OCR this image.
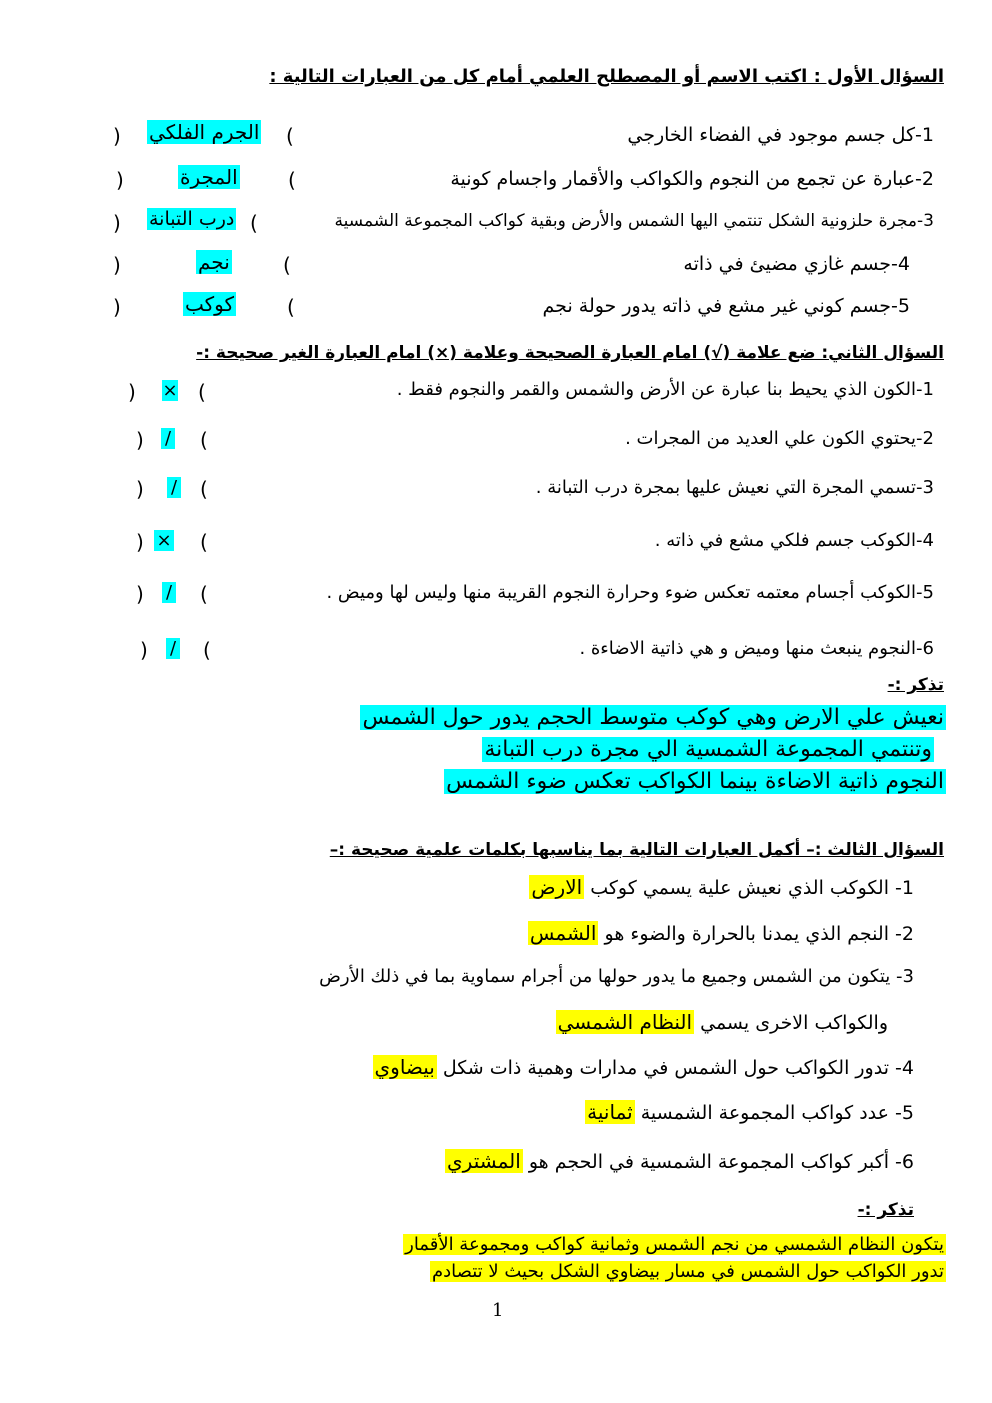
السؤال الأول : اكتب الاسم أو المصطلح العلمي أمام كل من العبارات التالية :
1-كل جسم موجود في الفضاء الخارجي
(
الجرم الفلكي
)
2-عبارة عن تجمع من النجوم والكواكب والأقمار واجسام كونية
(
المجرة
)
3-مجرة حلزونية الشكل تنتمي اليها الشمس والأرض وبقية كواكب المجموعة الشمسية
(
درب التبانة
)
4-جسم غازي مضيئ في ذاته
(
نجم
)
5-جسم كوني غير مشع في ذاته يدور حولة نجم
(
كوكب
)
السؤال الثاني: ضع علامة (√) امام العبارة الصحيحة وعلامة (×) امام العبارة الغير صحيحة :-
1-الكون الذي يحيط بنا عبارة عن الأرض والشمس والقمر والنجوم فقط .
(
×
)
2-يحتوي الكون علي العديد من المجرات .
(
/
)
3-تسمي المجرة التي نعيش عليها بمجرة درب التبانة .
(
/
)
4-الكوكب جسم فلكي مشع في ذاته .
(
×
)
5-الكوكب أجسام معتمه تعكس ضوء وحرارة النجوم القريبة منها وليس لها وميض .
(
/
)
6-النجوم ينبعث منها وميض و هي ذاتية الاضاءة .
(
/
)
تذكر :-
نعيش علي الارض وهي كوكب متوسط الحجم يدور حول الشمس
وتنتمي المجموعة الشمسية الي مجرة درب التبانة
النجوم ذاتية الاضاءة بينما الكواكب تعكس ضوء الشمس
السؤال الثالث :– أكمل العبارات التالية بما يناسبها بكلمات علمية صحيحة :–
1- الكوكب الذي نعيش علية يسمي كوكب الارض
2- النجم الذي يمدنا بالحرارة والضوء هو الشمس
3- يتكون من الشمس وجميع ما يدور حولها من أجرام سماوية بما في ذلك الأرض
والكواكب الاخرى يسمي النظام الشمسي
4- تدور الكواكب حول الشمس في مدارات وهمية ذات شكل بيضاوي
5- عدد كواكب المجموعة الشمسية ثمانية
6- أكبر كواكب المجموعة الشمسية في الحجم هو المشتري
تذكر :-
يتكون النظام الشمسي من نجم الشمس وثمانية كواكب ومجموعة الأقمار
تدور الكواكب حول الشمس في مسار بيضاوي الشكل بحيث لا تتصادم
1
